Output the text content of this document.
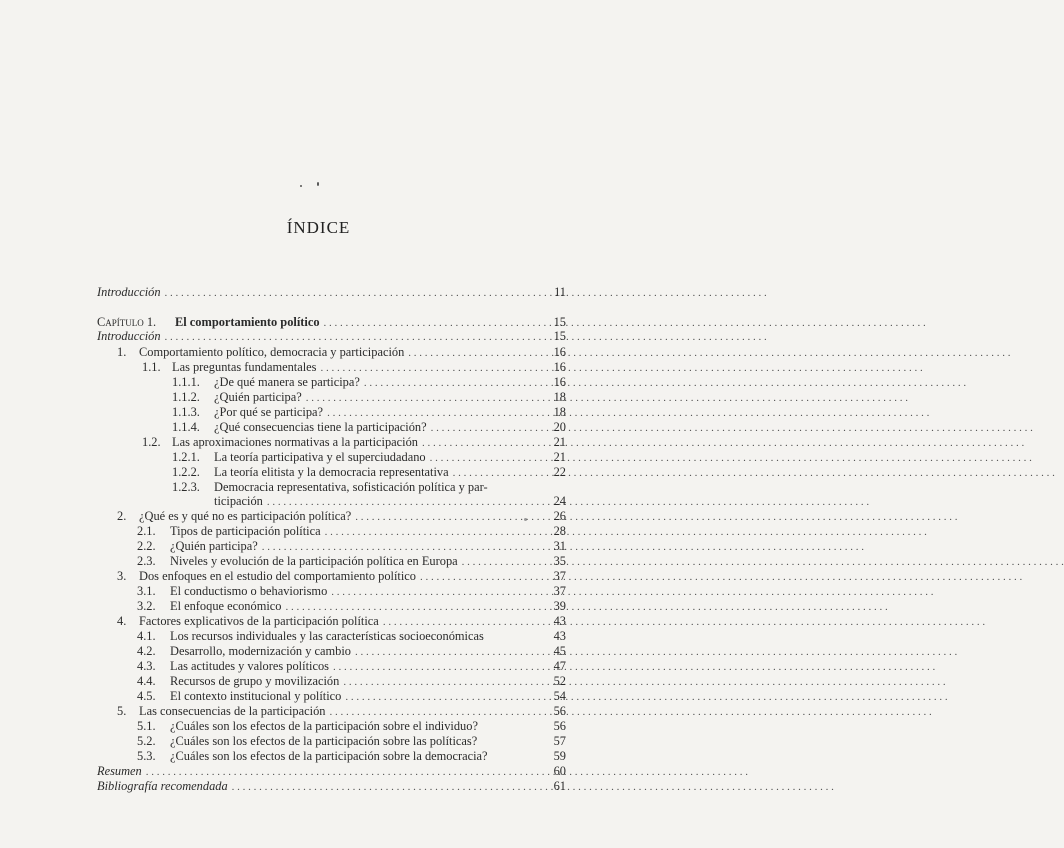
ÍNDICE
Introducción . . .	11
Capítulo 1.	El comportamiento político . . .	15
Introducción . . .	15
1.	Comportamiento político, democracia y participación . . .	16
1.1. Las preguntas fundamentales . . .	16
1.1.1.	¿De qué manera se participa? . . .	16
1.1.2.	¿Quién participa? . . .	18
1.1.3.	¿Por qué se participa? . . .	18
1.1.4.	¿Qué consecuencias tiene la participación? . . .	20
1.2. Las aproximaciones normativas a la participación . . .	21
1.2.1.	La teoría participativa y el superciudadano . . .	21
1.2.2.	La teoría elitista y la democracia representativa . . .	22
1.2.3.	Democracia representativa, sofisticación política y par-
ticipación . . .	24
2.	¿Qué es y qué no es participación política? . . .	26
2.1.	Tipos de participación política . . .	28
2.2.	¿Quién participa? . . .	31
2.3.	Niveles y evolución de la participación política en Europa . . .	35
3.	Dos enfoques en el estudio del comportamiento político . . .	37
3.1.	El conductismo o behaviorismo . . .	37
3.2.	El enfoque económico . . .	39
4.	Factores explicativos de la participación política . . .	43
4.1.	Los recursos individuales y las características socioeconómicas	43
4.2.	Desarrollo, modernización y cambio . . .	45
4.3.	Las actitudes y valores políticos . . .	47
4.4.	Recursos de grupo y movilización . . .	52
4.5.	El contexto institucional y político . . .	54
5.	Las consecuencias de la participación . . .	56
5.1.	¿Cuáles son los efectos de la participación sobre el individuo?	56
5.2.	¿Cuáles son los efectos de la participación sobre las políticas?	57
5.3.	¿Cuáles son los efectos de la participación sobre la democracia?	59
Resumen . . .	60
Bibliografía recomendada . . .	61
